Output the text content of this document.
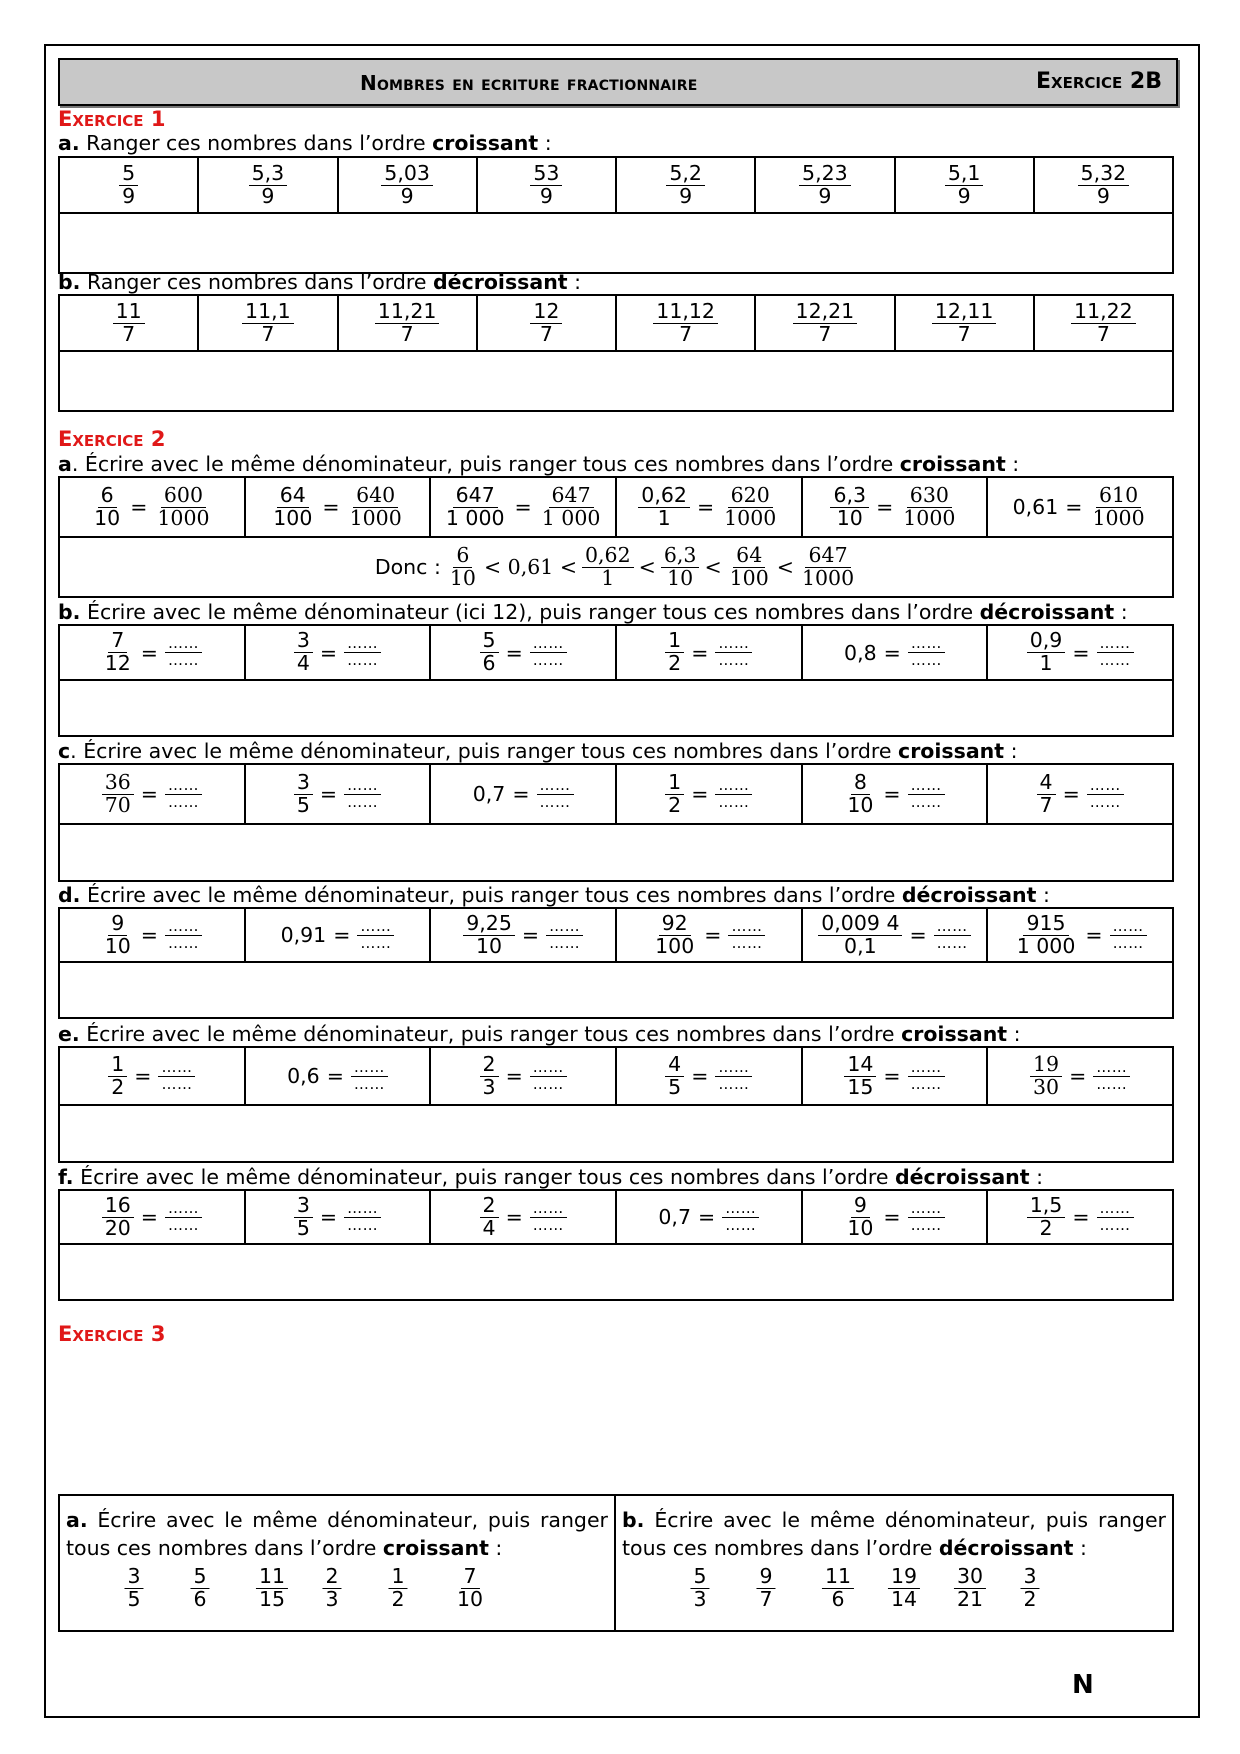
Nombres en ecriture fractionnaire	Exercice 2B
Exercice 1
a. Ranger ces nombres dans l’ordre croissant :
$\frac{5}{9}$	$\frac{5,3}{9}$	$\frac{5,03}{9}$	$\frac{53}{9}$	$\frac{5,2}{9}$	$\frac{5,23}{9}$	$\frac{5,1}{9}$	$\frac{5,32}{9}$

b. Ranger ces nombres dans l’ordre décroissant :
$\frac{11}{7}$	$\frac{11,1}{7}$	$\frac{11,21}{7}$	$\frac{12}{7}$	$\frac{11,12}{7}$	$\frac{12,21}{7}$	$\frac{12,11}{7}$	$\frac{11,22}{7}$

Exercice 2
a. Écrire avec le même dénominateur, puis ranger tous ces nombres dans l’ordre croissant :
$\frac{6}{10} = \frac{600}{1000}$	$\frac{64}{100} = \frac{640}{1000}$	$\frac{647}{1 000} = \frac{647}{1 000}$	$\frac{0,62}{1} = \frac{620}{1000}$	$\frac{6,3}{10} = \frac{630}{1000}$	$0,61 = \frac{610}{1000}$

Donc : $\frac{6}{10} < 0,61 < \frac{0,62}{1} < \frac{6,3}{10} < \frac{64}{100} < \frac{647}{1000}$
b. Écrire avec le même dénominateur (ici 12), puis ranger tous ces nombres dans l’ordre décroissant :
$\frac{7}{12} = \frac{\dots\dots}{\dots\dots}$	$\frac{3}{4} = \frac{\dots\dots}{\dots\dots}$	$\frac{5}{6} = \frac{\dots\dots}{\dots\dots}$	$\frac{1}{2} = \frac{\dots\dots}{\dots\dots}$	$0,8 = \frac{\dots\dots}{\dots\dots}$	$\frac{0,9}{1} = \frac{\dots\dots}{\dots\dots}$

c. Écrire avec le même dénominateur, puis ranger tous ces nombres dans l’ordre croissant :
$\frac{36}{70} = \frac{\dots\dots}{\dots\dots}$	$\frac{3}{5} = \frac{\dots\dots}{\dots\dots}$	$0,7 = \frac{\dots\dots}{\dots\dots}$	$\frac{1}{2} = \frac{\dots\dots}{\dots\dots}$	$\frac{8}{10} = \frac{\dots\dots}{\dots\dots}$	$\frac{4}{7} = \frac{\dots\dots}{\dots\dots}$

d. Écrire avec le même dénominateur, puis ranger tous ces nombres dans l’ordre décroissant :
$\frac{9}{10} = \frac{\dots\dots}{\dots\dots}$	$0,91 = \frac{\dots\dots}{\dots\dots}$	$\frac{9,25}{10} = \frac{\dots\dots}{\dots\dots}$	$\frac{92}{100} = \frac{\dots\dots}{\dots\dots}$	$\frac{0,009 4}{0,1} = \frac{\dots\dots}{\dots\dots}$	$\frac{915}{1 000} = \frac{\dots\dots}{\dots\dots}$

e. Écrire avec le même dénominateur, puis ranger tous ces nombres dans l’ordre croissant :
$\frac{1}{2} = \frac{\dots\dots}{\dots\dots}$	$0,6 = \frac{\dots\dots}{\dots\dots}$	$\frac{2}{3} = \frac{\dots\dots}{\dots\dots}$	$\frac{4}{5} = \frac{\dots\dots}{\dots\dots}$	$\frac{14}{15} = \frac{\dots\dots}{\dots\dots}$	$\frac{19}{30} = \frac{\dots\dots}{\dots\dots}$

f. Écrire avec le même dénominateur, puis ranger tous ces nombres dans l’ordre décroissant :
$\frac{16}{20} = \frac{\dots\dots}{\dots\dots}$	$\frac{3}{5} = \frac{\dots\dots}{\dots\dots}$	$\frac{2}{4} = \frac{\dots\dots}{\dots\dots}$	$0,7 = \frac{\dots\dots}{\dots\dots}$	$\frac{9}{10} = \frac{\dots\dots}{\dots\dots}$	$\frac{1,5}{2} = \frac{\dots\dots}{\dots\dots}$

Exercice 3
a. Écrire avec le même dénominateur, puis ranger
tous ces nombres dans l’ordre croissant :
$\frac{3}{5} \frac{5}{6} \frac{11}{15} \frac{2}{3} \frac{1}{2} \frac{7}{10}$
b. Écrire avec le même dénominateur, puis ranger
tous ces nombres dans l’ordre décroissant :
$\frac{5}{3} \frac{9}{7} \frac{11}{6} \frac{19}{14} \frac{30}{21} \frac{3}{2}$
N
